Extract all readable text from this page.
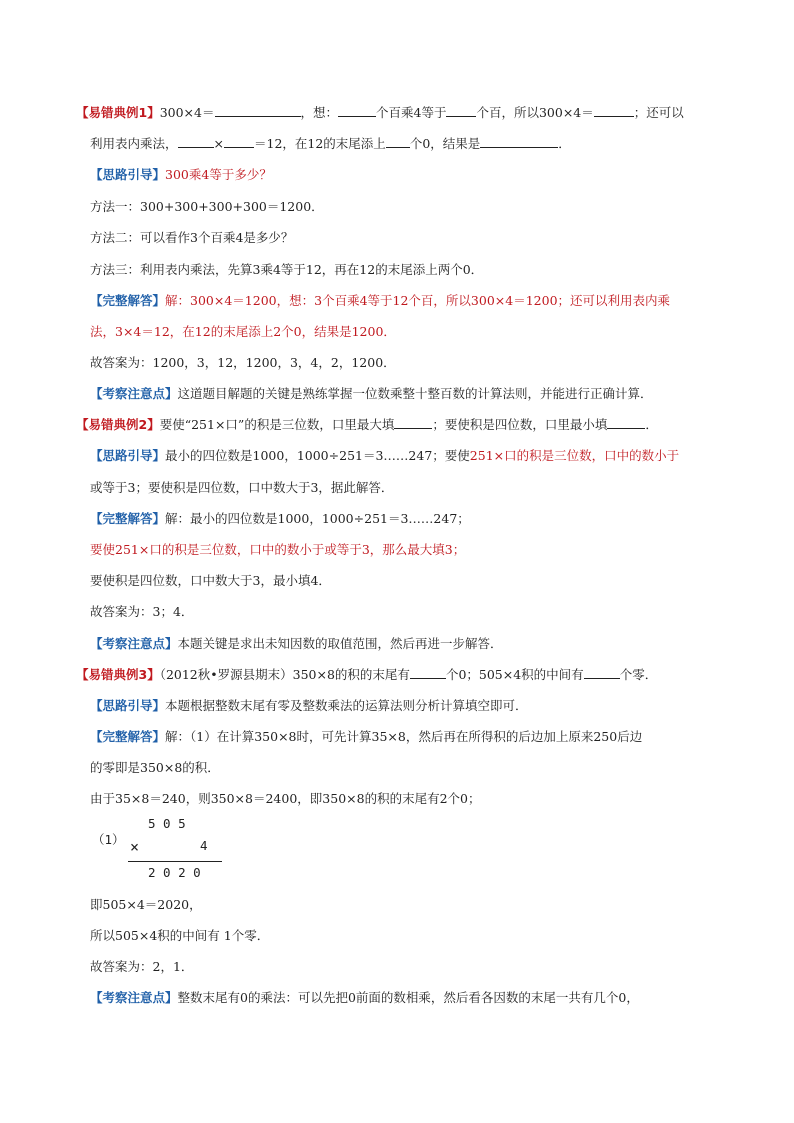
【易错典例1】300×4＝	，想：	个百乘4等于 个百，所以300×4＝	；还可以
利用表内乘法，	× ＝12，在12的末尾添上 个0，结果是	．
【思路引导】300乘4等于多少？
方法一：300+300+300+300＝1200．
方法二：可以看作3个百乘4是多少？
方法三：利用表内乘法，先算3乘4等于12，再在12的末尾添上两个0．
【完整解答】解：300×4＝1200，想：3个百乘4等于12个百，所以300×4＝1200；还可以利用表内乘
法，3×4＝12，在12的末尾添上2个0，结果是1200．
故答案为：1200，3，12，1200，3，4，2，1200．
【考察注意点】这道题目解题的关键是熟练掌握一位数乘整十整百数的计算法则，并能进行正确计算．
【易错典例2】要使“251×口”的积是三位数，口里最大填	；要使积是四位数，口里最小填	．
【思路引导】最小的四位数是1000，1000÷251＝3……247；要使251×口的积是三位数，口中的数小于
或等于3；要使积是四位数，口中数大于3，据此解答．
【完整解答】解：最小的四位数是1000，1000÷251＝3……247；
要使251×口的积是三位数，口中的数小于或等于3，那么最大填3；
要使积是四位数，口中数大于3，最小填4．
故答案为：3；4．
【考察注意点】本题关键是求出未知因数的取值范围，然后再进一步解答．
【易错典例3】（2012秋•罗源县期末）350×8的积的末尾有	个0；505×4积的中间有	个零．
【思路引导】本题根据整数末尾有零及整数乘法的运算法则分析计算填空即可．
【完整解答】解：（1）在计算350×8时，可先计算35×8，然后再在所得积的后边加上原来250后边
的零即是350×8的积．
由于35×8＝240，则350×8＝2400，即350×8的积的末尾有2个0；
（1）
5 0 5
×	4
2 0 2 0
即505×4＝2020，
所以505×4积的中间有 1个零．
故答案为：2，1．
【考察注意点】整数末尾有0的乘法：可以先把0前面的数相乘，然后看各因数的末尾一共有几个0，
